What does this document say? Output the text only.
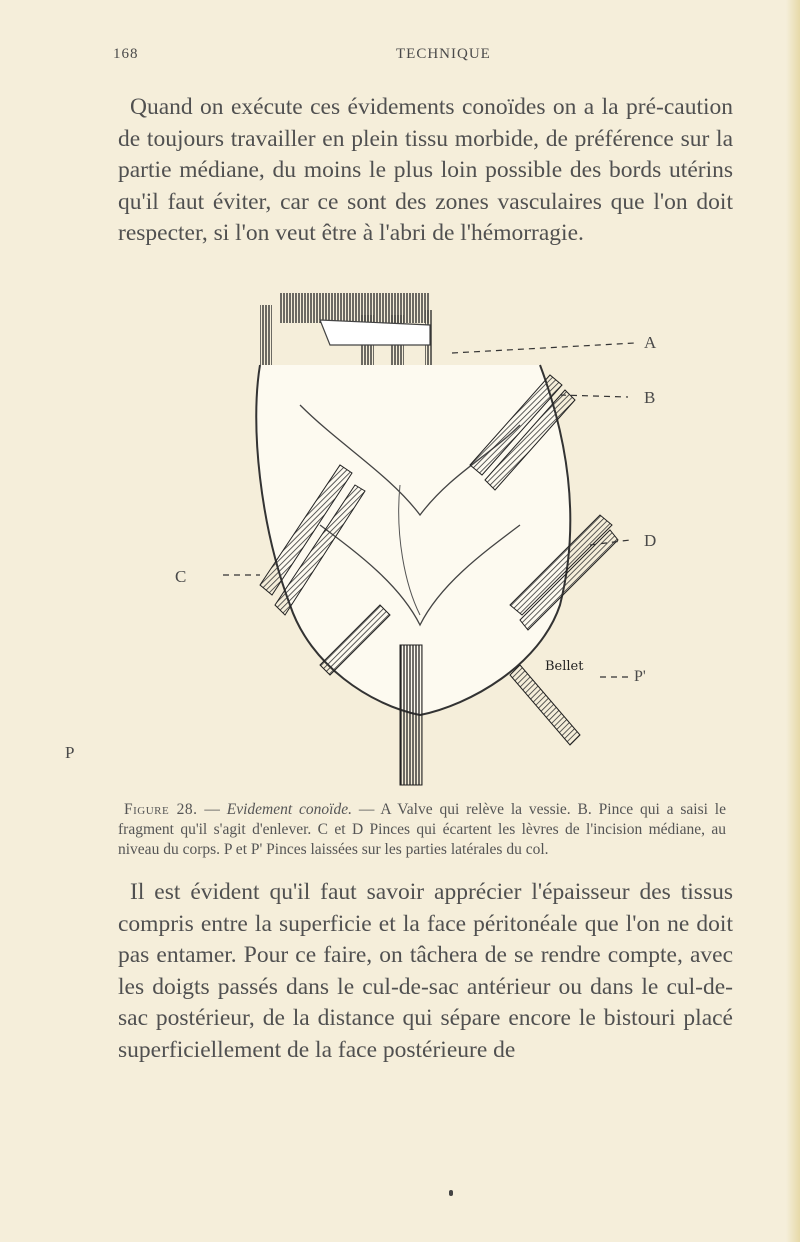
168	TECHNIQUE

Quand on exécute ces évidements conoïdes on a la pré-caution de toujours travailler en plein tissu morbide, de préférence sur la partie médiane, du moins le plus loin possible des bords utérins qu'il faut éviter, car ce sont des zones vasculaires que l'on doit respecter, si l'on veut être à l'abri de l'hémorragie.

Bellet
A
B
C
D
P
P'

Figure 28. — Evidement conoïde. — A Valve qui relève la vessie. B. Pince qui a saisi le fragment qu'il s'agit d'enlever. C et D Pinces qui écartent les lèvres de l'incision médiane, au niveau du corps. P et P' Pinces laissées sur les parties latérales du col.

Il est évident qu'il faut savoir apprécier l'épaisseur des tissus compris entre la superficie et la face péritonéale que l'on ne doit pas entamer. Pour ce faire, on tâchera de se rendre compte, avec les doigts passés dans le cul-de-sac antérieur ou dans le cul-de-sac postérieur, de la distance qui sépare encore le bistouri placé superficiellement de la face postérieure de
